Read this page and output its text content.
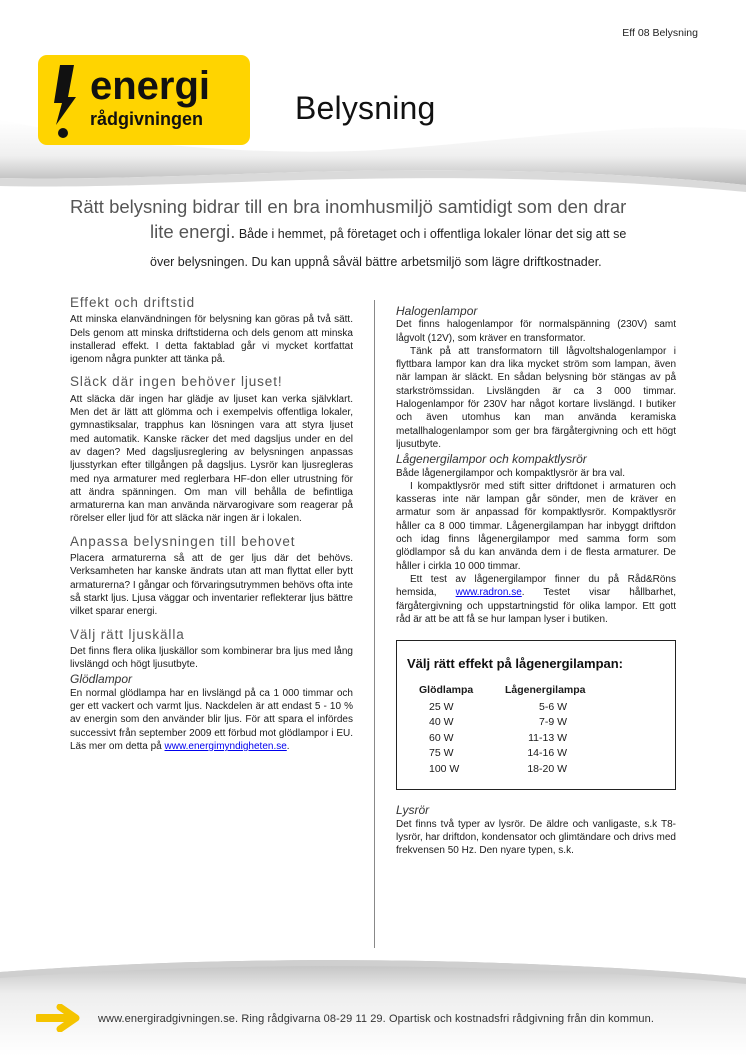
Eff 08 Belysning
energi
rådgivningen	Belysning
Rätt belysning bidrar till en bra inomhusmiljö samtidigt som den drar
lite energi. Både i hemmet, på företaget och i offentliga lokaler lönar det sig att se
över belysningen. Du kan uppnå såväl bättre arbetsmiljö som lägre driftkostnader.
Effekt och driftstid

Att minska elanvändningen för belysning kan göras på två sätt. Dels genom att minska driftstiderna och dels genom att minska installerad effekt. I detta faktablad går vi mycket kortfattat igenom några punkter att tänka på.

Släck där ingen behöver ljuset!

Att släcka där ingen har glädje av ljuset kan verka självklart. Men det är lätt att glömma och i exempelvis offentliga lokaler, gymnastiksalar, trapphus kan lösningen vara att styra ljuset med automatik. Kanske räcker det med dagsljus under en del av dagen? Med dagsljusreglering av belysningen anpassas ljusstyrkan efter tillgången på dagsljus. Lysrör kan ljusregleras med nya armaturer med reglerbara HF-don eller utrustning för att ändra spänningen. Om man vill behålla de befintliga armaturerna kan man använda närvarogivare som reagerar på rörelser eller ljud för att släcka när ingen är i lokalen.

Anpassa belysningen till behovet

Placera armaturerna så att de ger ljus där det behövs. Verksamheten har kanske ändrats utan att man flyttat eller bytt armaturerna? I gångar och förvaringsutrymmen behövs ofta inte så starkt ljus. Ljusa väggar och inventarier reflekterar ljus bättre vilket sparar energi.

Välj rätt ljuskälla

Det finns flera olika ljuskällor som kombinerar bra ljus med lång livslängd och högt ljusutbyte.

Glödlampor

En normal glödlampa har en livslängd på ca 1 000 timmar och ger ett vackert och varmt ljus. Nackdelen är att endast 5 - 10 % av energin som den använder blir ljus. För att spara el infördes successivt från september 2009 ett förbud mot glödlampor i EU. Läs mer om detta på www.energimyndigheten.se.

Halogenlampor

Det finns halogenlampor för normalspänning (230V) samt lågvolt (12V), som kräver en transformator.

Tänk på att transformatorn till lågvoltshalogenlampor i flyttbara lampor kan dra lika mycket ström som lampan, även när lampan är släckt. En sådan belysning bör stängas av på starkströmssidan. Livslängden är ca 3 000 timmar. Halogenlampor för 230V har något kortare livslängd. I butiker och även utomhus kan man använda keramiska metallhalogenlampor som ger bra färgåtergivning och ett högt ljusutbyte.

Lågenergilampor och kompaktlysrör

Både lågenergilampor och kompaktlysrör är bra val.

I kompaktlysrör med stift sitter driftdonet i armaturen och kasseras inte när lampan går sönder, men de kräver en armatur som är anpassad för kompaktlysrör. Kompaktlysrör håller ca 8 000 timmar. Lågenergilampan har inbyggt driftdon och idag finns lågenergilampor med samma form som glödlampor så du kan använda dem i de flesta armaturer. De håller i cirkla 10 000 timmar.

Ett test av lågenergilampor finner du på Råd&Röns hemsida, www.radron.se. Testet visar hållbarhet, färgåtergivning och uppstartningstid för olika lampor. Ett gott råd är att be att få se hur lampan lyser i butiken.

Välj rätt effekt på lågenergilampan:
Glödlampa	Lågenergilampa
25 W	5-6 W
40 W	7-9 W
60 W	11-13 W
75 W	14-16 W
100 W	18-20 W
Lysrör

Det finns två typer av lysrör. De äldre och vanligaste, s.k T8-lysrör, har driftdon, kondensator och glimtändare och drivs med frekvensen 50 Hz. Den nyare typen, s.k.

www.energiradgivningen.se. Ring rådgivarna 08-29 11 29. Opartisk och kostnadsfri rådgivning från din kommun.
